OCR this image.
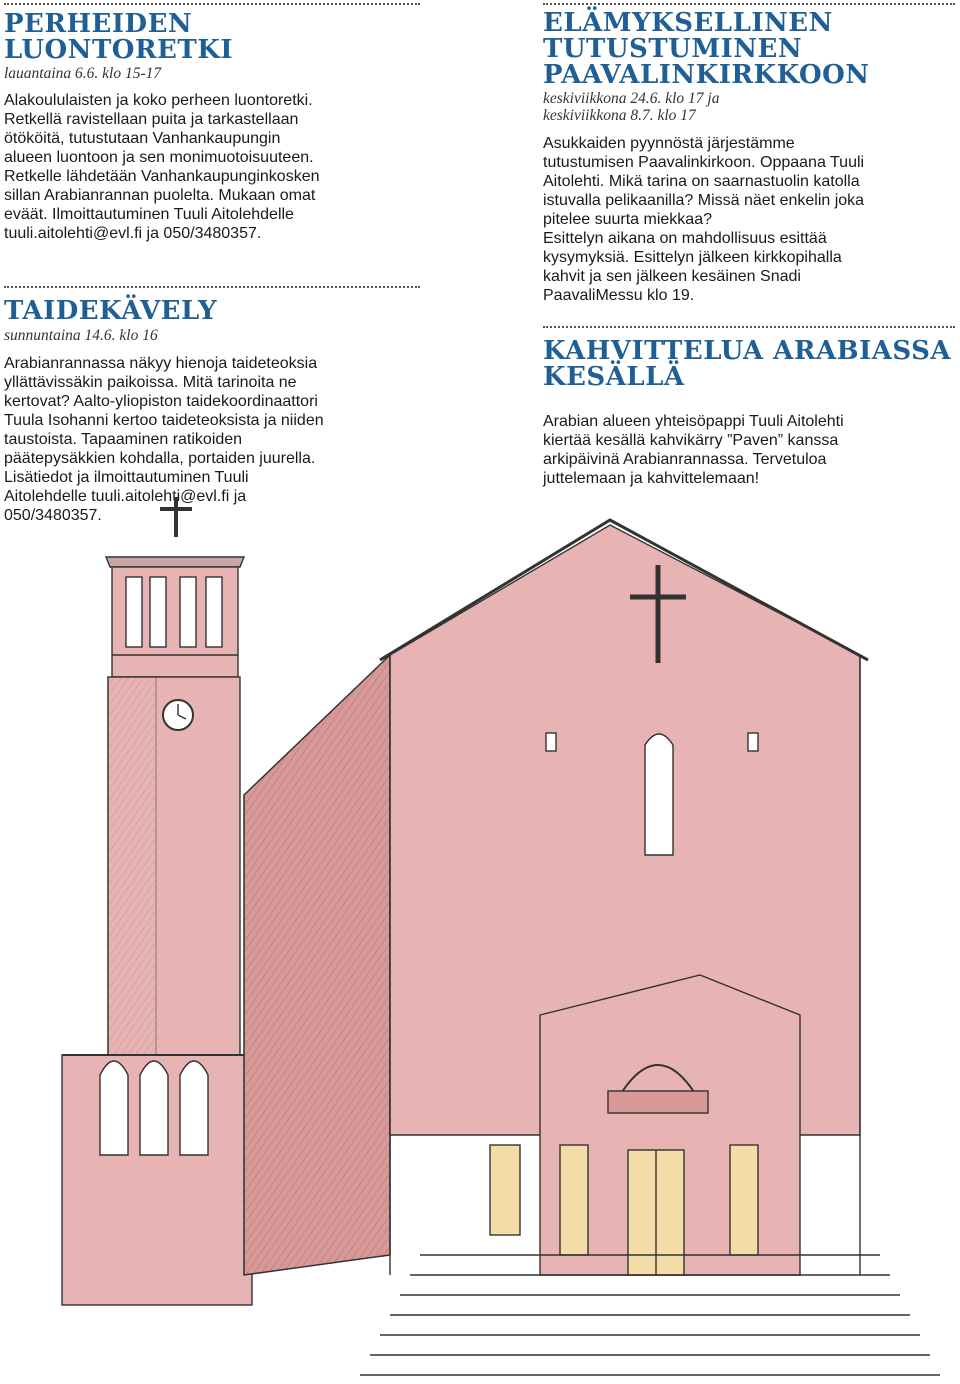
PERHEIDEN LUONTORETKI

lauantaina 6.6. klo 15-17

Alakoululaisten ja koko perheen luontoretki.
Retkellä ravistellaan puita ja tarkastellaan
ötököitä, tutustutaan Vanhankaupungin
alueen luontoon ja sen monimuotoisuuteen.
Retkelle lähdetään Vanhankaupunginkosken
sillan Arabianrannan puolelta. Mukaan omat
eväät. Ilmoittautuminen Tuuli Aitolehdelle
tuuli.aitolehti@evl.fi ja 050/3480357.
TAIDEKÄVELY

sunnuntaina 14.6. klo 16

Arabianrannassa näkyy hienoja taideteoksia
yllättävissäkin paikoissa. Mitä tarinoita ne
kertovat? Aalto-yliopiston taidekoordinaattori
Tuula Isohanni kertoo taideteoksista ja niiden
taustoista. Tapaaminen ratikoiden
päätepysäkkien kohdalla, portaiden juurella.
Lisätiedot ja ilmoittautuminen Tuuli
Aitolehdelle tuuli.aitolehti@evl.fi ja
050/3480357.
ELÄMYKSELLINEN
TUTUSTUMINEN
PAAVALINKIRKKOON

keskiviikkona 24.6. klo 17 ja
keskiviikkona 8.7. klo 17

Asukkaiden pyynnöstä järjestämme
tutustumisen Paavalinkirkoon. Oppaana Tuuli
Aitolehti. Mikä tarina on saarnastuolin katolla
istuvalla pelikaanilla? Missä näet enkelin joka
pitelee suurta miekkaa?
Esittelyn aikana on mahdollisuus esittää
kysymyksiä. Esittelyn jälkeen kirkkopihalla
kahvit ja sen jälkeen kesäinen Snadi
PaavaliMessu klo 19.
KAHVITTELUA ARABIASSA
KESÄLLÄ
Arabian alueen yhteisöpappi Tuuli Aitolehti
kiertää kesällä kahvikärry ”Paven” kanssa
arkipäivinä Arabianrannassa. Tervetuloa
juttelemaan ja kahvittelemaan!
